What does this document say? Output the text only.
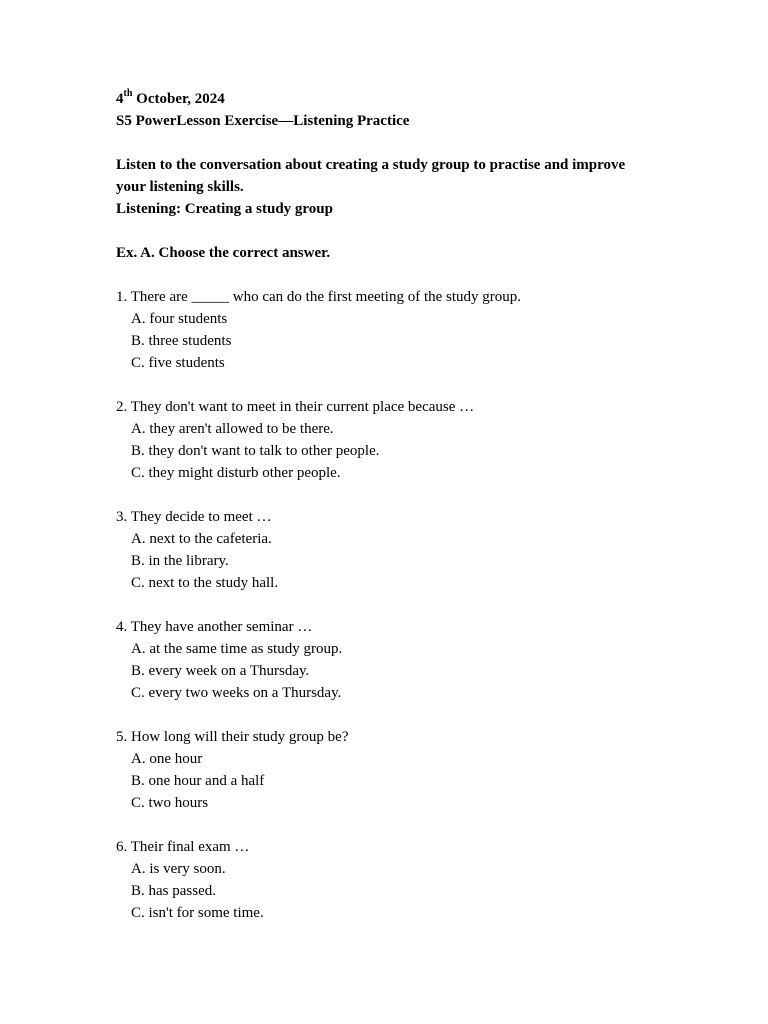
4th October, 2024
S5 PowerLesson Exercise—Listening Practice
Listen to the conversation about creating a study group to practise and improve
your listening skills.
Listening: Creating a study group
Ex. A. Choose the correct answer.
1. There are _____ who can do the first meeting of the study group.
A. four students
B. three students
C. five students
2. They don't want to meet in their current place because …
A. they aren't allowed to be there.
B. they don't want to talk to other people.
C. they might disturb other people.
3. They decide to meet …
A. next to the cafeteria.
B. in the library.
C. next to the study hall.
4. They have another seminar …
A. at the same time as study group.
B. every week on a Thursday.
C. every two weeks on a Thursday.
5. How long will their study group be?
A. one hour
B. one hour and a half
C. two hours
6. Their final exam …
A. is very soon.
B. has passed.
C. isn't for some time.
